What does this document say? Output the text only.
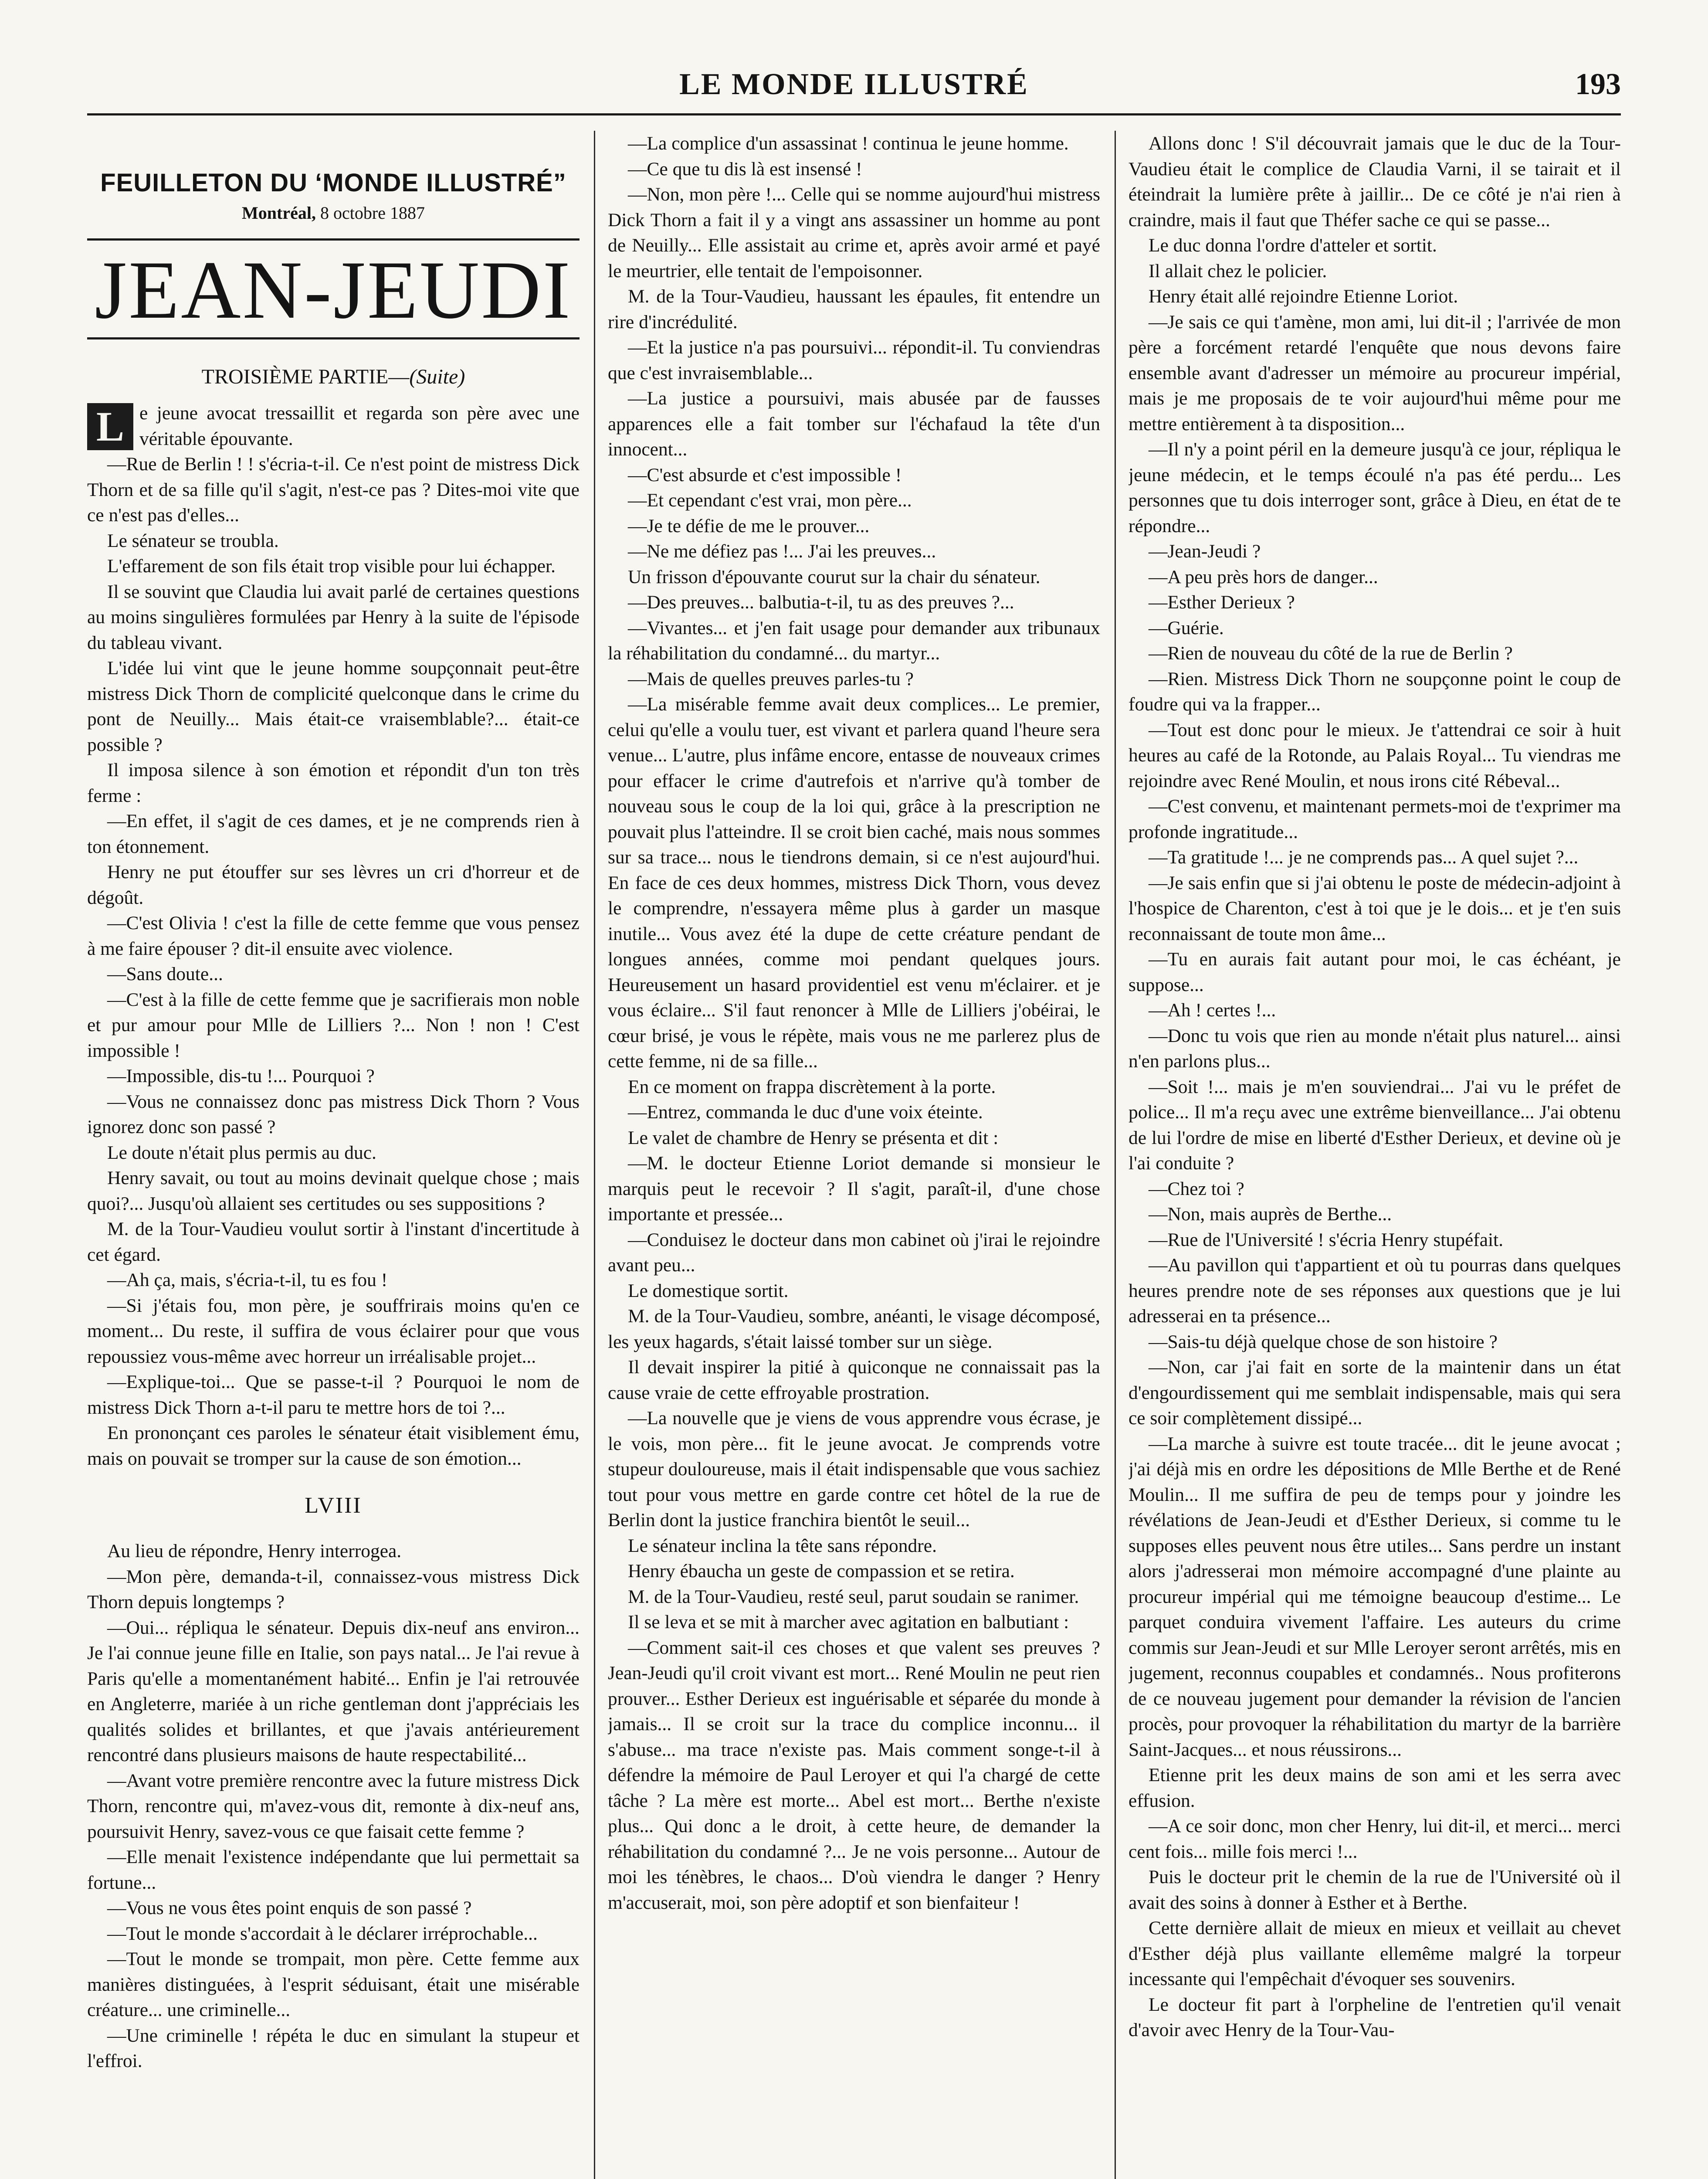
LE MONDE ILLUSTRÉ	193
FEUILLETON DU ‘MONDE ILLUSTRÉ”
Montréal, 8 octobre 1887
JEAN-JEUDI
TROISIÈME PARTIE—(Suite)

L e jeune avocat tressaillit et regarda son père avec une véritable épouvante.

—Rue de Berlin ! ! s'écria-t-il. Ce n'est point de mistress Dick Thorn et de sa fille qu'il s'agit, n'est-ce pas ? Dites-moi vite que ce n'est pas d'elles...

Le sénateur se troubla.

L'effarement de son fils était trop visible pour lui échapper.

Il se souvint que Claudia lui avait parlé de certaines questions au moins singulières formulées par Henry à la suite de l'épisode du tableau vivant.

L'idée lui vint que le jeune homme soupçonnait peut-être mistress Dick Thorn de complicité quelconque dans le crime du pont de Neuilly... Mais était-ce vraisemblable?... était-ce possible ?

Il imposa silence à son émotion et répondit d'un ton très ferme :

—En effet, il s'agit de ces dames, et je ne comprends rien à ton étonnement.

Henry ne put étouffer sur ses lèvres un cri d'horreur et de dégoût.

—C'est Olivia ! c'est la fille de cette femme que vous pensez à me faire épouser ? dit-il ensuite avec violence.

—Sans doute...

—C'est à la fille de cette femme que je sacrifierais mon noble et pur amour pour Mlle de Lilliers ?... Non ! non ! C'est impossible !

—Impossible, dis-tu !... Pourquoi ?

—Vous ne connaissez donc pas mistress Dick Thorn ? Vous ignorez donc son passé ?

Le doute n'était plus permis au duc.

Henry savait, ou tout au moins devinait quelque chose ; mais quoi?... Jusqu'où allaient ses certitudes ou ses suppositions ?

M. de la Tour-Vaudieu voulut sortir à l'instant d'incertitude à cet égard.

—Ah ça, mais, s'écria-t-il, tu es fou !

—Si j'étais fou, mon père, je souffrirais moins qu'en ce moment... Du reste, il suffira de vous éclairer pour que vous repoussiez vous-même avec horreur un irréalisable projet...

—Explique-toi... Que se passe-t-il ? Pourquoi le nom de mistress Dick Thorn a-t-il paru te mettre hors de toi ?...

En prononçant ces paroles le sénateur était visiblement ému, mais on pouvait se tromper sur la cause de son émotion...

LVIII

Au lieu de répondre, Henry interrogea.

—Mon père, demanda-t-il, connaissez-vous mistress Dick Thorn depuis longtemps ?

—Oui... répliqua le sénateur. Depuis dix-neuf ans environ... Je l'ai connue jeune fille en Italie, son pays natal... Je l'ai revue à Paris qu'elle a momentanément habité... Enfin je l'ai retrouvée en Angleterre, mariée à un riche gentleman dont j'appréciais les qualités solides et brillantes, et que j'avais antérieurement rencontré dans plusieurs maisons de haute respectabilité...

—Avant votre première rencontre avec la future mistress Dick Thorn, rencontre qui, m'avez-vous dit, remonte à dix-neuf ans, poursuivit Henry, savez-vous ce que faisait cette femme ?

—Elle menait l'existence indépendante que lui permettait sa fortune...

—Vous ne vous êtes point enquis de son passé ?

—Tout le monde s'accordait à le déclarer irréprochable...

—Tout le monde se trompait, mon père. Cette femme aux manières distinguées, à l'esprit séduisant, était une misérable créature... une criminelle...

—Une criminelle ! répéta le duc en simulant la stupeur et l'effroi.

—La complice d'un assassinat ! continua le jeune homme.

—Ce que tu dis là est insensé !

—Non, mon père !... Celle qui se nomme aujourd'hui mistress Dick Thorn a fait il y a vingt ans assassiner un homme au pont de Neuilly... Elle assistait au crime et, après avoir armé et payé le meurtrier, elle tentait de l'empoisonner.

M. de la Tour-Vaudieu, haussant les épaules, fit entendre un rire d'incrédulité.

—Et la justice n'a pas poursuivi... répondit-il. Tu conviendras que c'est invraisemblable...

—La justice a poursuivi, mais abusée par de fausses apparences elle a fait tomber sur l'échafaud la tête d'un innocent...

—C'est absurde et c'est impossible !

—Et cependant c'est vrai, mon père...

—Je te défie de me le prouver...

—Ne me défiez pas !... J'ai les preuves...

Un frisson d'épouvante courut sur la chair du sénateur.

—Des preuves... balbutia-t-il, tu as des preuves ?...

—Vivantes... et j'en fait usage pour demander aux tribunaux la réhabilitation du condamné... du martyr...

—Mais de quelles preuves parles-tu ?

—La misérable femme avait deux complices... Le premier, celui qu'elle a voulu tuer, est vivant et parlera quand l'heure sera venue... L'autre, plus infâme encore, entasse de nouveaux crimes pour effacer le crime d'autrefois et n'arrive qu'à tomber de nouveau sous le coup de la loi qui, grâce à la prescription ne pouvait plus l'atteindre. Il se croit bien caché, mais nous sommes sur sa trace... nous le tiendrons demain, si ce n'est aujourd'hui. En face de ces deux hommes, mistress Dick Thorn, vous devez le comprendre, n'essayera même plus à garder un masque inutile... Vous avez été la dupe de cette créature pendant de longues années, comme moi pendant quelques jours. Heureusement un hasard providentiel est venu m'éclairer. et je vous éclaire... S'il faut renoncer à Mlle de Lilliers j'obéirai, le cœur brisé, je vous le répète, mais vous ne me parlerez plus de cette femme, ni de sa fille...

En ce moment on frappa discrètement à la porte.

—Entrez, commanda le duc d'une voix éteinte.

Le valet de chambre de Henry se présenta et dit :

—M. le docteur Etienne Loriot demande si monsieur le marquis peut le recevoir ? Il s'agit, paraît-il, d'une chose importante et pressée...

—Conduisez le docteur dans mon cabinet où j'irai le rejoindre avant peu...

Le domestique sortit.

M. de la Tour-Vaudieu, sombre, anéanti, le visage décomposé, les yeux hagards, s'était laissé tomber sur un siège.

Il devait inspirer la pitié à quiconque ne connaissait pas la cause vraie de cette effroyable prostration.

—La nouvelle que je viens de vous apprendre vous écrase, je le vois, mon père... fit le jeune avocat. Je comprends votre stupeur douloureuse, mais il était indispensable que vous sachiez tout pour vous mettre en garde contre cet hôtel de la rue de Berlin dont la justice franchira bientôt le seuil...

Le sénateur inclina la tête sans répondre.

Henry ébaucha un geste de compassion et se retira.

M. de la Tour-Vaudieu, resté seul, parut soudain se ranimer.

Il se leva et se mit à marcher avec agitation en balbutiant :

—Comment sait-il ces choses et que valent ses preuves ? Jean-Jeudi qu'il croit vivant est mort... René Moulin ne peut rien prouver... Esther Derieux est inguérisable et séparée du monde à jamais... Il se croit sur la trace du complice inconnu... il s'abuse... ma trace n'existe pas. Mais comment songe-t-il à défendre la mémoire de Paul Leroyer et qui l'a chargé de cette tâche ? La mère est morte... Abel est mort... Berthe n'existe plus... Qui donc a le droit, à cette heure, de demander la réhabilitation du condamné ?... Je ne vois personne... Autour de moi les ténèbres, le chaos... D'où viendra le danger ? Henry m'accuserait, moi, son père adoptif et son bienfaiteur !

Allons donc ! S'il découvrait jamais que le duc de la Tour-Vaudieu était le complice de Claudia Varni, il se tairait et il éteindrait la lumière prête à jaillir... De ce côté je n'ai rien à craindre, mais il faut que Théfer sache ce qui se passe...

Le duc donna l'ordre d'atteler et sortit.

Il allait chez le policier.

Henry était allé rejoindre Etienne Loriot.

—Je sais ce qui t'amène, mon ami, lui dit-il ; l'arrivée de mon père a forcément retardé l'enquête que nous devons faire ensemble avant d'adresser un mémoire au procureur impérial, mais je me proposais de te voir aujourd'hui même pour me mettre entièrement à ta disposition...

—Il n'y a point péril en la demeure jusqu'à ce jour, répliqua le jeune médecin, et le temps écoulé n'a pas été perdu... Les personnes que tu dois interroger sont, grâce à Dieu, en état de te répondre...

—Jean-Jeudi ?

—A peu près hors de danger...

—Esther Derieux ?

—Guérie.

—Rien de nouveau du côté de la rue de Berlin ?

—Rien. Mistress Dick Thorn ne soupçonne point le coup de foudre qui va la frapper...

—Tout est donc pour le mieux. Je t'attendrai ce soir à huit heures au café de la Rotonde, au Palais Royal... Tu viendras me rejoindre avec René Moulin, et nous irons cité Rébeval...

—C'est convenu, et maintenant permets-moi de t'exprimer ma profonde ingratitude...

—Ta gratitude !... je ne comprends pas... A quel sujet ?...

—Je sais enfin que si j'ai obtenu le poste de médecin-adjoint à l'hospice de Charenton, c'est à toi que je le dois... et je t'en suis reconnaissant de toute mon âme...

—Tu en aurais fait autant pour moi, le cas échéant, je suppose...

—Ah ! certes !...

—Donc tu vois que rien au monde n'était plus naturel... ainsi n'en parlons plus...

—Soit !... mais je m'en souviendrai... J'ai vu le préfet de police... Il m'a reçu avec une extrême bienveillance... J'ai obtenu de lui l'ordre de mise en liberté d'Esther Derieux, et devine où je l'ai conduite ?

—Chez toi ?

—Non, mais auprès de Berthe...

—Rue de l'Université ! s'écria Henry stupéfait.

—Au pavillon qui t'appartient et où tu pourras dans quelques heures prendre note de ses réponses aux questions que je lui adresserai en ta présence...

—Sais-tu déjà quelque chose de son histoire ?

—Non, car j'ai fait en sorte de la maintenir dans un état d'engourdissement qui me semblait indispensable, mais qui sera ce soir complètement dissipé...

—La marche à suivre est toute tracée... dit le jeune avocat ; j'ai déjà mis en ordre les dépositions de Mlle Berthe et de René Moulin... Il me suffira de peu de temps pour y joindre les révélations de Jean-Jeudi et d'Esther Derieux, si comme tu le supposes elles peuvent nous être utiles... Sans perdre un instant alors j'adresserai mon mémoire accompagné d'une plainte au procureur impérial qui me témoigne beaucoup d'estime... Le parquet conduira vivement l'affaire. Les auteurs du crime commis sur Jean-Jeudi et sur Mlle Leroyer seront arrêtés, mis en jugement, reconnus coupables et condamnés.. Nous profiterons de ce nouveau jugement pour demander la révision de l'ancien procès, pour provoquer la réhabilitation du martyr de la barrière Saint-Jacques... et nous réussirons...

Etienne prit les deux mains de son ami et les serra avec effusion.

—A ce soir donc, mon cher Henry, lui dit-il, et merci... merci cent fois... mille fois merci !...

Puis le docteur prit le chemin de la rue de l'Université où il avait des soins à donner à Esther et à Berthe.

Cette dernière allait de mieux en mieux et veillait au chevet d'Esther déjà plus vaillante ellemême malgré la torpeur incessante qui l'empêchait d'évoquer ses souvenirs.

Le docteur fit part à l'orpheline de l'entretien qu'il venait d'avoir avec Henry de la Tour-Vau-
